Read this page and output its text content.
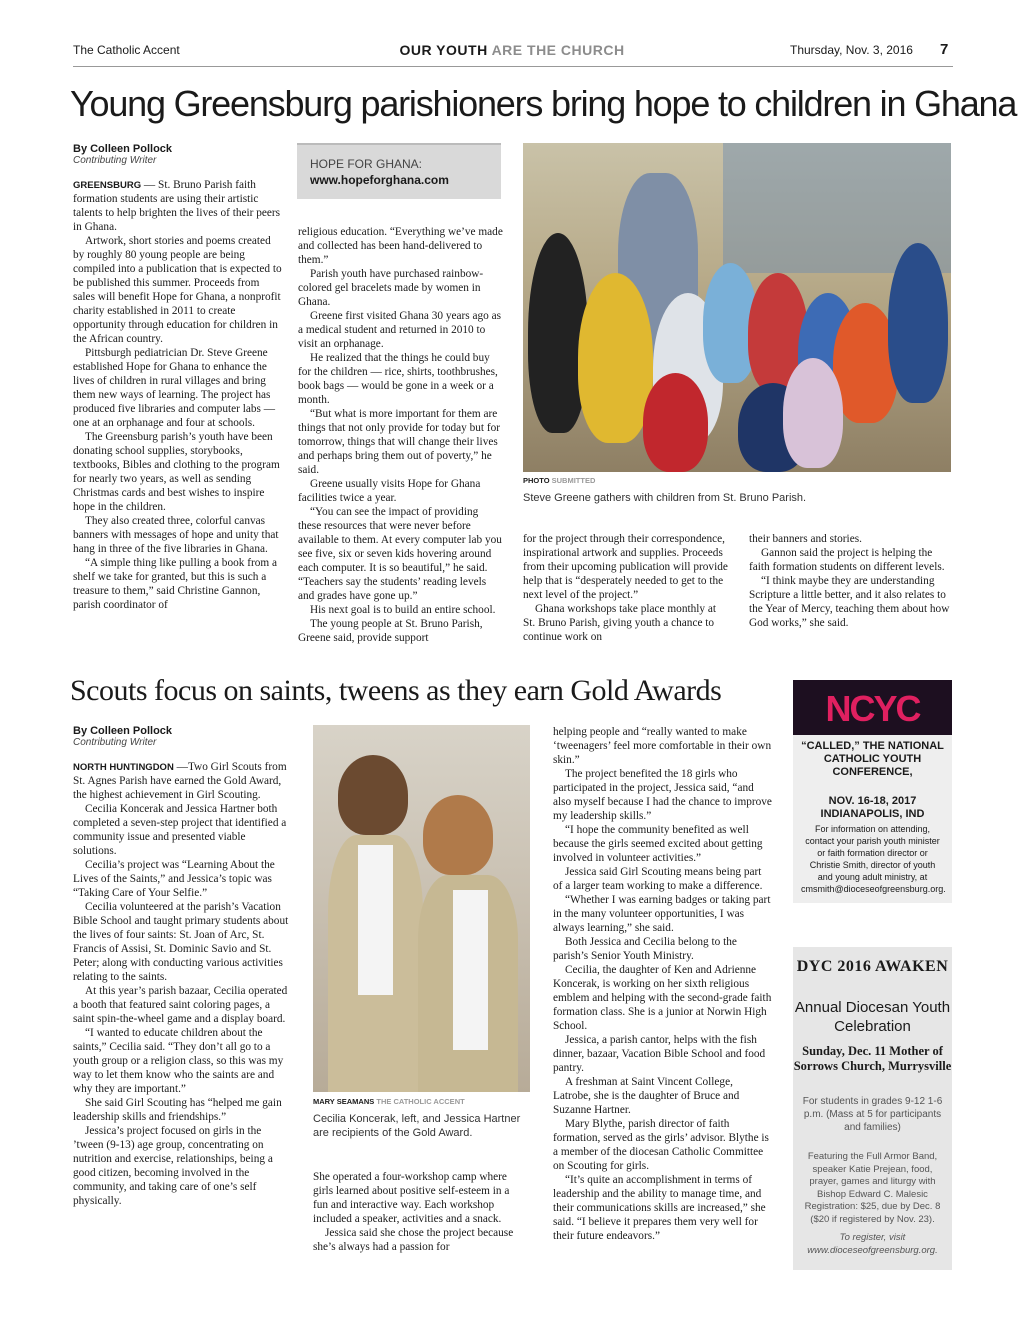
The Catholic Accent	OUR YOUTH ARE THE CHURCH	Thursday, Nov. 3, 2016 7
Young Greensburg parishioners bring hope to children in Ghana
By Colleen Pollock
Contributing Writer

GREENSBURG — St. Bruno Parish faith formation students are using their artistic talents to help brighten the lives of their peers in Ghana.

Artwork, short stories and poems created by roughly 80 young people are being compiled into a publication that is expected to be published this summer. Proceeds from sales will benefit Hope for Ghana, a nonprofit charity established in 2011 to create opportunity through education for children in the African country.

Pittsburgh pediatrician Dr. Steve Greene established Hope for Ghana to enhance the lives of children in rural villages and bring them new ways of learning. The project has produced five libraries and computer labs — one at an orphanage and four at schools.

The Greensburg parish’s youth have been donating school supplies, storybooks, textbooks, Bibles and clothing to the program for nearly two years, as well as sending Christmas cards and best wishes to inspire hope in the children.

They also created three, colorful canvas banners with messages of hope and unity that hang in three of the five libraries in Ghana.

“A simple thing like pulling a book from a shelf we take for granted, but this is such a treasure to them,” said Christine Gannon, parish coordinator of

HOPE FOR GHANA:
www.hopeforghana.com

religious education. “Everything we’ve made and collected has been hand-delivered to them.”

Parish youth have purchased rainbow-colored gel bracelets made by women in Ghana.

Greene first visited Ghana 30 years ago as a medical student and returned in 2010 to visit an orphanage.

He realized that the things he could buy for the children — rice, shirts, toothbrushes, book bags — would be gone in a week or a month.

“But what is more important for them are things that not only provide for today but for tomorrow, things that will change their lives and perhaps bring them out of poverty,” he said.

Greene usually visits Hope for Ghana facilities twice a year.

“You can see the impact of providing these resources that were never before available to them. At every computer lab you see five, six or seven kids hovering around each computer. It is so beautiful,” he said. “Teachers say the students’ reading levels and grades have gone up.”

His next goal is to build an entire school.

The young people at St. Bruno Parish, Greene said, provide support

PHOTO SUBMITTED
Steve Greene gathers with children from St. Bruno Parish.

for the project through their correspondence, inspirational artwork and supplies. Proceeds from their upcoming publication will provide help that is “desperately needed to get to the next level of the project.”

Ghana workshops take place monthly at St. Bruno Parish, giving youth a chance to continue work on

their banners and stories.

Gannon said the project is helping the faith formation students on different levels.

“I think maybe they are understanding Scripture a little better, and it also relates to the Year of Mercy, teaching them about how God works,” she said.

Scouts focus on saints, tweens as they earn Gold Awards
By Colleen Pollock
Contributing Writer

NORTH HUNTINGDON —Two Girl Scouts from St. Agnes Parish have earned the Gold Award, the highest achievement in Girl Scouting.

Cecilia Koncerak and Jessica Hartner both completed a seven-step project that identified a community issue and presented viable solutions.

Cecilia’s project was “Learning About the Lives of the Saints,” and Jessica’s topic was “Taking Care of Your Selfie.”

Cecilia volunteered at the parish’s Vacation Bible School and taught primary students about the lives of four saints: St. Joan of Arc, St. Francis of Assisi, St. Dominic Savio and St. Peter; along with conducting various activities relating to the saints.

At this year’s parish bazaar, Cecilia operated a booth that featured saint coloring pages, a saint spin-the-wheel game and a display board.

“I wanted to educate children about the saints,” Cecilia said. “They don’t all go to a youth group or a religion class, so this was my way to let them know who the saints are and why they are important.”

She said Girl Scouting has “helped me gain leadership skills and friendships.”

Jessica’s project focused on girls in the ’tween (9-13) age group, concentrating on nutrition and exercise, relationships, being a good citizen, becoming involved in the community, and taking care of one’s self physically.

MARY SEAMANS THE CATHOLIC ACCENT
Cecilia Koncerak, left, and Jessica Hartner are recipients of the Gold Award.

She operated a four-workshop camp where girls learned about positive self-esteem in a fun and interactive way. Each workshop included a speaker, activities and a snack.

Jessica said she chose the project because she’s always had a passion for

helping people and “really wanted to make ‘tweenagers’ feel more comfortable in their own skin.”

The project benefited the 18 girls who participated in the project, Jessica said, “and also myself because I had the chance to improve my leadership skills.”

“I hope the community benefited as well because the girls seemed excited about getting involved in volunteer activities.”

Jessica said Girl Scouting means being part of a larger team working to make a difference.

“Whether I was earning badges or taking part in the many volunteer opportunities, I was always learning,” she said.

Both Jessica and Cecilia belong to the parish’s Senior Youth Ministry.

Cecilia, the daughter of Ken and Adrienne Koncerak, is working on her sixth religious emblem and helping with the second-grade faith formation class. She is a junior at Norwin High School.

Jessica, a parish cantor, helps with the fish dinner, bazaar, Vacation Bible School and food pantry.

A freshman at Saint Vincent College, Latrobe, she is the daughter of Bruce and Suzanne Hartner.

Mary Blythe, parish director of faith formation, served as the girls’ advisor. Blythe is a member of the diocesan Catholic Committee on Scouting for girls.

“It’s quite an accomplishment in terms of leadership and the ability to manage time, and their communications skills are increased,” she said. “I believe it prepares them very well for their future endeavors.”

NCYC
“CALLED,” THE NATIONAL CATHOLIC YOUTH CONFERENCE,
NOV. 16-18, 2017 INDIANAPOLIS, IND
For information on attending, contact your parish youth minister or faith formation director or Christie Smith, director of youth and young adult ministry, at cmsmith@dioceseofgreensburg.org.
DYC 2016 AWAKEN
Annual Diocesan Youth Celebration
Sunday, Dec. 11 Mother of Sorrows Church, Murrysville
For students in grades 9-12 1-6 p.m. (Mass at 5 for participants and families)
Featuring the Full Armor Band, speaker Katie Prejean, food, prayer, games and liturgy with Bishop Edward C. Malesic Registration: $25, due by Dec. 8 ($20 if registered by Nov. 23).
To register, visit www.dioceseofgreensburg.org.
